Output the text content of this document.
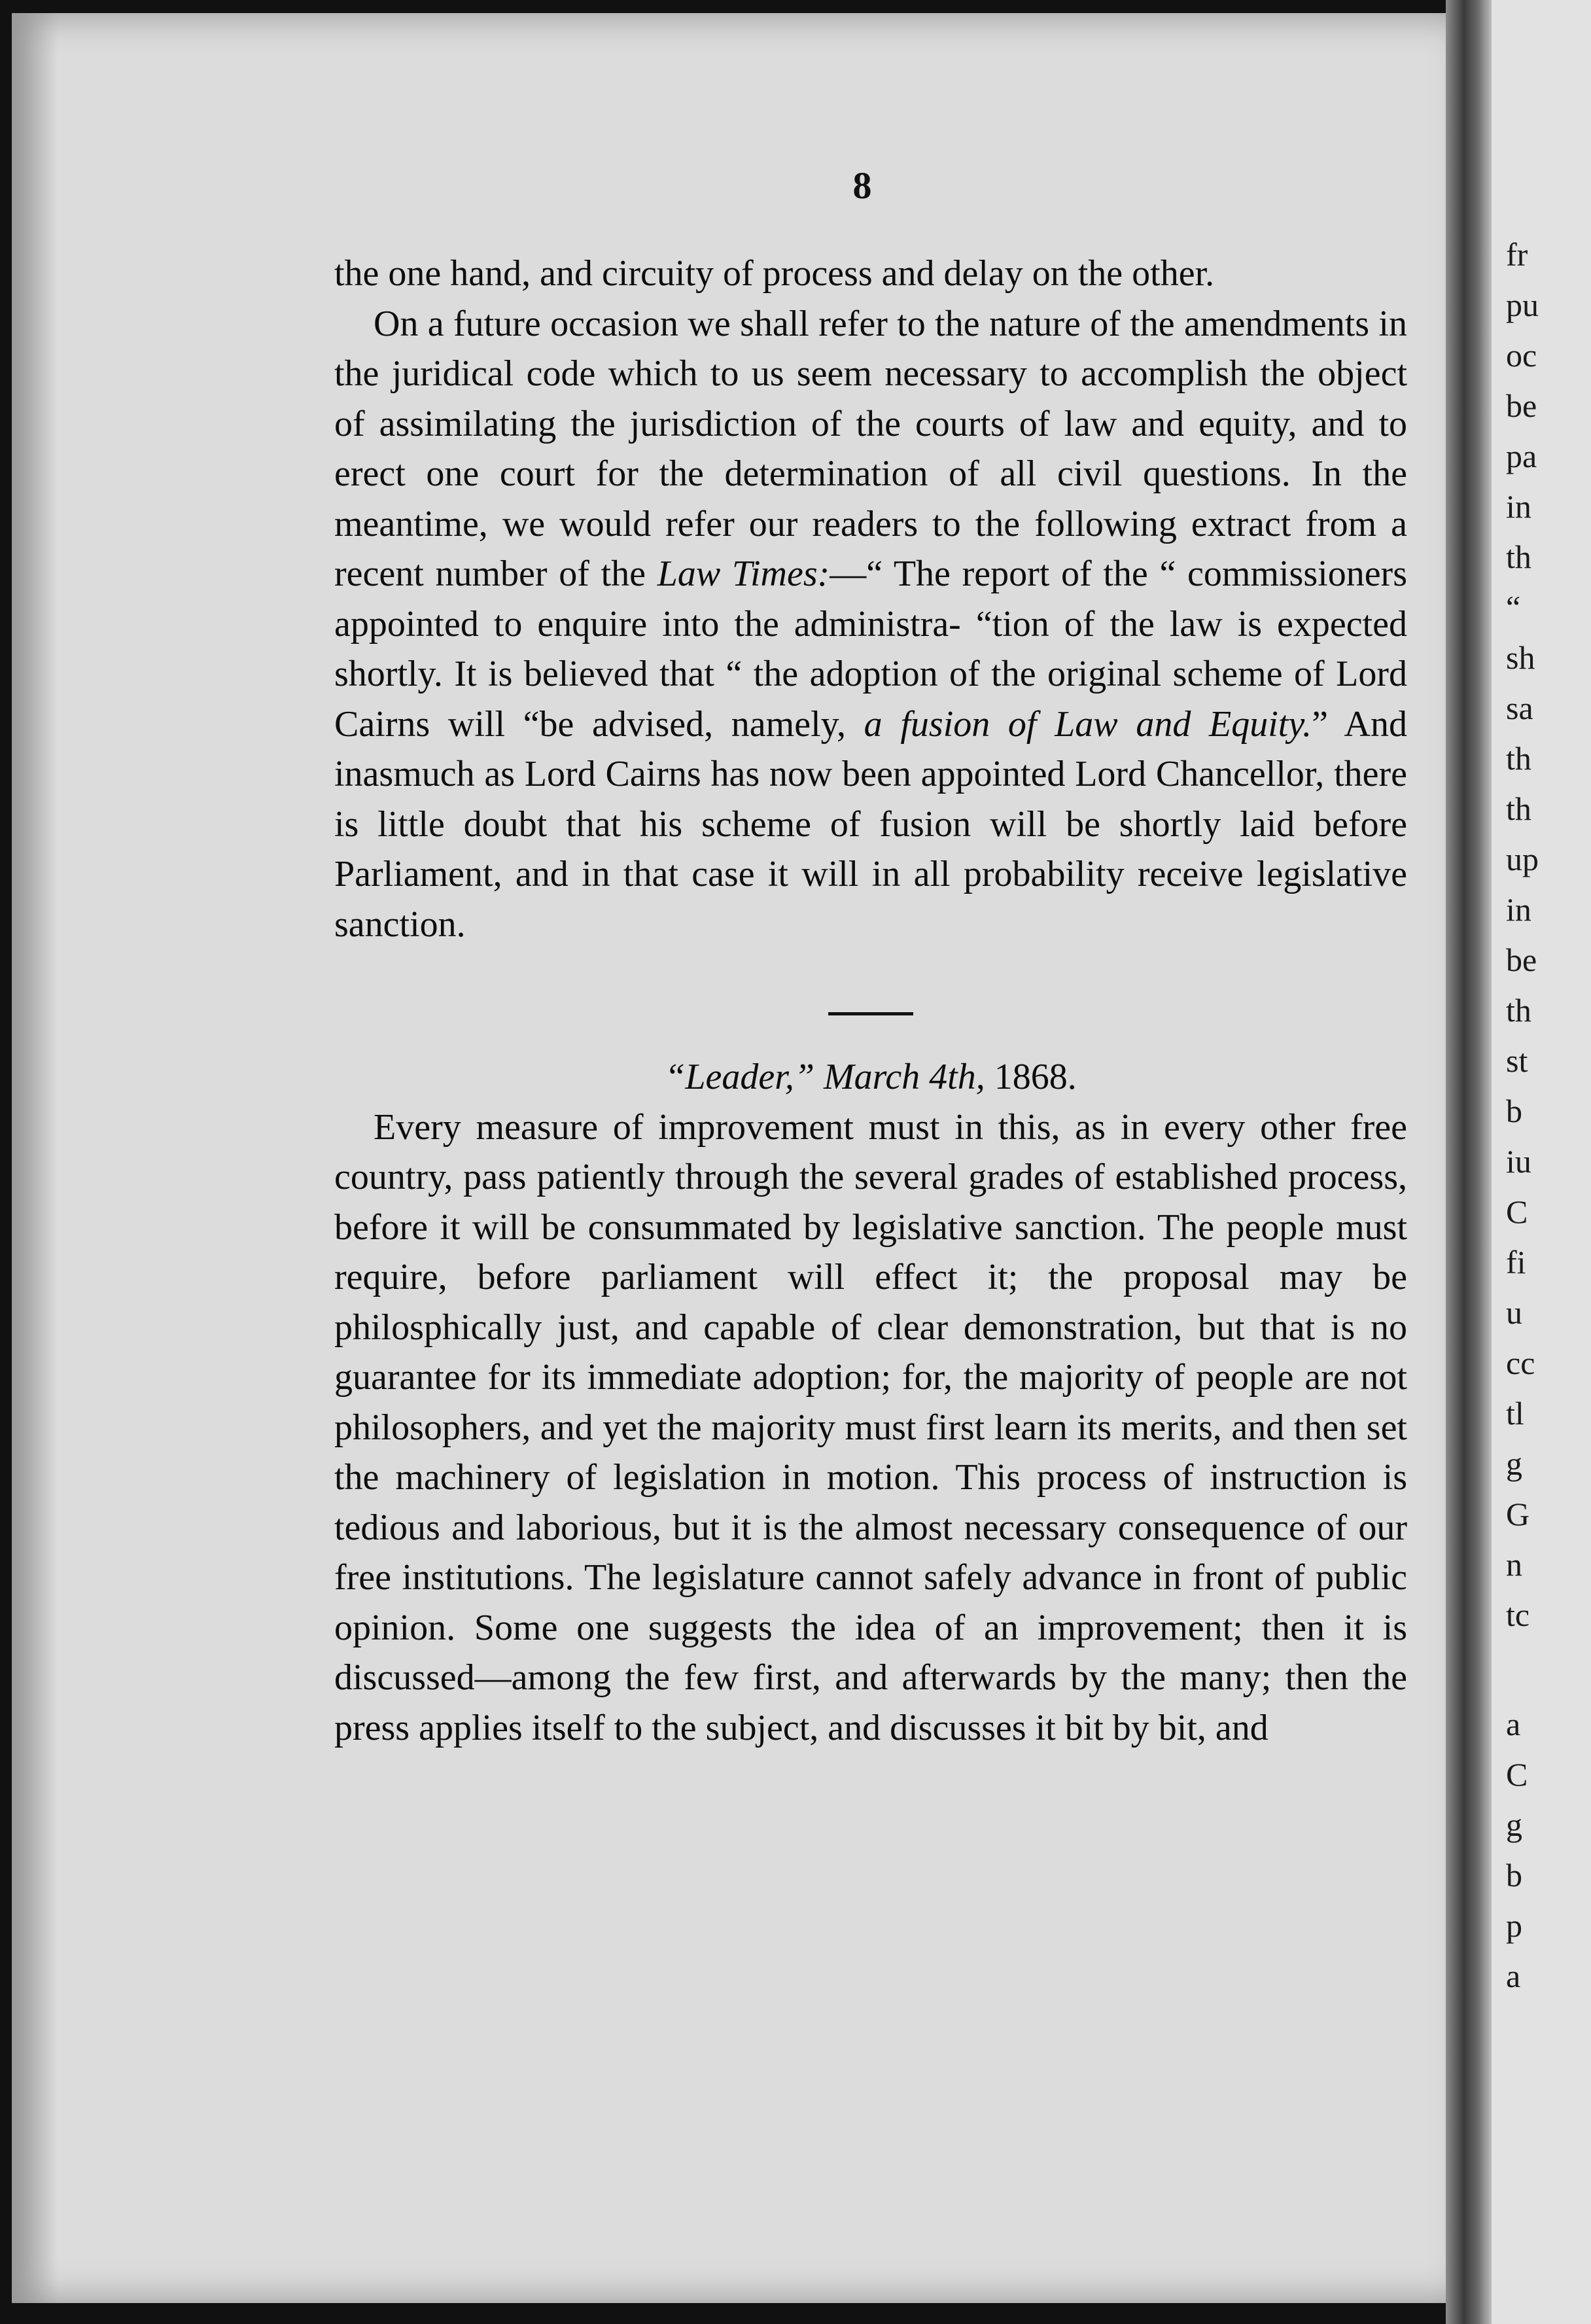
8

the one hand, and circuity of process and delay on the other.

On a future occasion we shall refer to the nature of the amendments in the juridical code which to us seem necessary to accomplish the object of assimilating the jurisdiction of the courts of law and equity, and to erect one court for the determination of all civil questions. In the meantime, we would refer our readers to the following extract from a recent number of the Law Times:—“ The report of the “ commissioners appointed to enquire into the administra- “tion of the law is expected shortly. It is believed that “ the adoption of the original scheme of Lord Cairns will “be advised, namely, a fusion of Law and Equity.” And inasmuch as Lord Cairns has now been appointed Lord Chancellor, there is little doubt that his scheme of fusion will be shortly laid before Parliament, and in that case it will in all probability receive legislative sanction.

“Leader,” March 4th, 1868.

Every measure of improvement must in this, as in every other free country, pass patiently through the several grades of established process, before it will be consummated by legislative sanction. The people must require, before parliament will effect it; the proposal may be philosphically just, and capable of clear demonstration, but that is no guarantee for its immediate adoption; for, the majority of people are not philosophers, and yet the majority must first learn its merits, and then set the machinery of legislation in motion. This process of instruction is tedious and laborious, but it is the almost necessary consequence of our free institutions. The legislature cannot safely advance in front of public opinion. Some one suggests the idea of an improvement; then it is discussed—among the few first, and afterwards by the many; then the press applies itself to the subject, and discusses it bit by bit, and

fr
pu
oc
be
pa
in
th
“
sh
sa
th
th
up
in
be
th
st
b
iu
C
fi
u
cc
tl
g
G
n
tc
a
C
g
b
p
a
